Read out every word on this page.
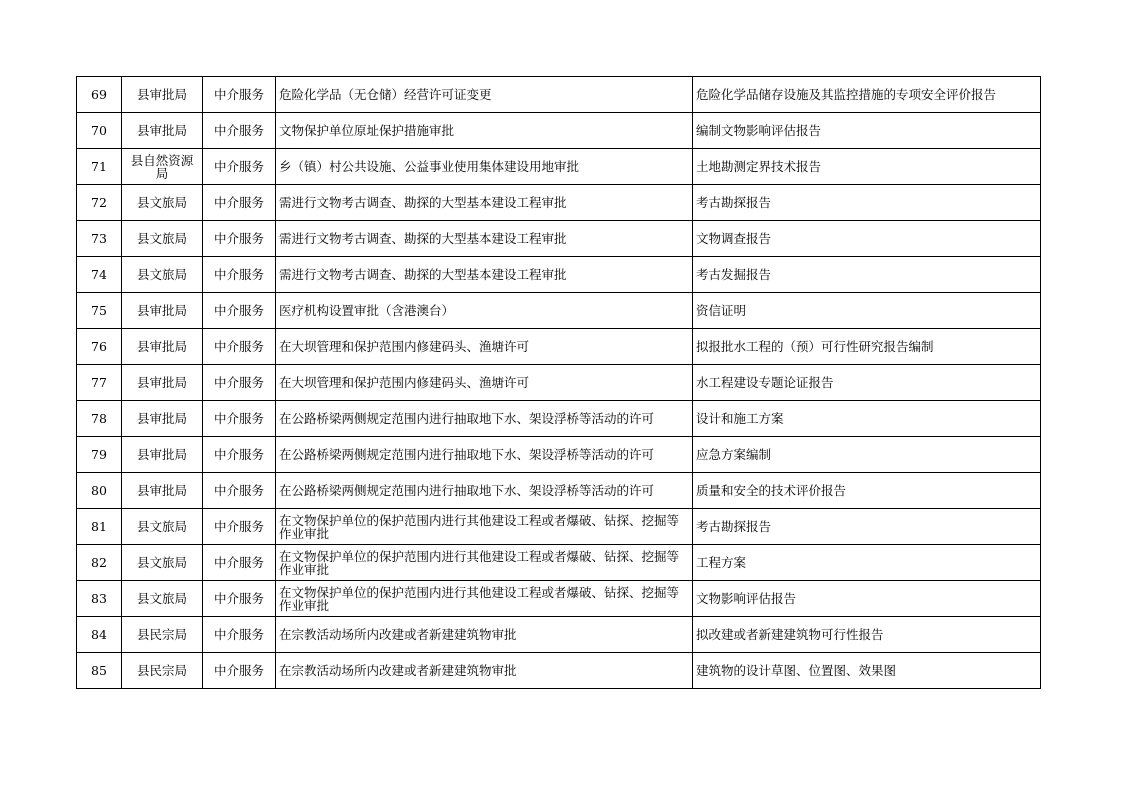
69	县审批局	中介服务	危险化学品（无仓储）经营许可证变更	危险化学品储存设施及其监控措施的专项安全评价报告
70	县审批局	中介服务	文物保护单位原址保护措施审批	编制文物影响评估报告
71	县自然资源局	中介服务	乡（镇）村公共设施、公益事业使用集体建设用地审批	土地勘测定界技术报告
72	县文旅局	中介服务	需进行文物考古调查、勘探的大型基本建设工程审批	考古勘探报告
73	县文旅局	中介服务	需进行文物考古调查、勘探的大型基本建设工程审批	文物调查报告
74	县文旅局	中介服务	需进行文物考古调查、勘探的大型基本建设工程审批	考古发掘报告
75	县审批局	中介服务	医疗机构设置审批（含港澳台）	资信证明
76	县审批局	中介服务	在大坝管理和保护范围内修建码头、渔塘许可	拟报批水工程的（预）可行性研究报告编制
77	县审批局	中介服务	在大坝管理和保护范围内修建码头、渔塘许可	水工程建设专题论证报告
78	县审批局	中介服务	在公路桥梁两侧规定范围内进行抽取地下水、架设浮桥等活动的许可	设计和施工方案
79	县审批局	中介服务	在公路桥梁两侧规定范围内进行抽取地下水、架设浮桥等活动的许可	应急方案编制
80	县审批局	中介服务	在公路桥梁两侧规定范围内进行抽取地下水、架设浮桥等活动的许可	质量和安全的技术评价报告
81	县文旅局	中介服务	在文物保护单位的保护范围内进行其他建设工程或者爆破、钻探、挖掘等作业审批	考古勘探报告
82	县文旅局	中介服务	在文物保护单位的保护范围内进行其他建设工程或者爆破、钻探、挖掘等作业审批	工程方案
83	县文旅局	中介服务	在文物保护单位的保护范围内进行其他建设工程或者爆破、钻探、挖掘等作业审批	文物影响评估报告
84	县民宗局	中介服务	在宗教活动场所内改建或者新建建筑物审批	拟改建或者新建建筑物可行性报告
85	县民宗局	中介服务	在宗教活动场所内改建或者新建建筑物审批	建筑物的设计草图、位置图、效果图
